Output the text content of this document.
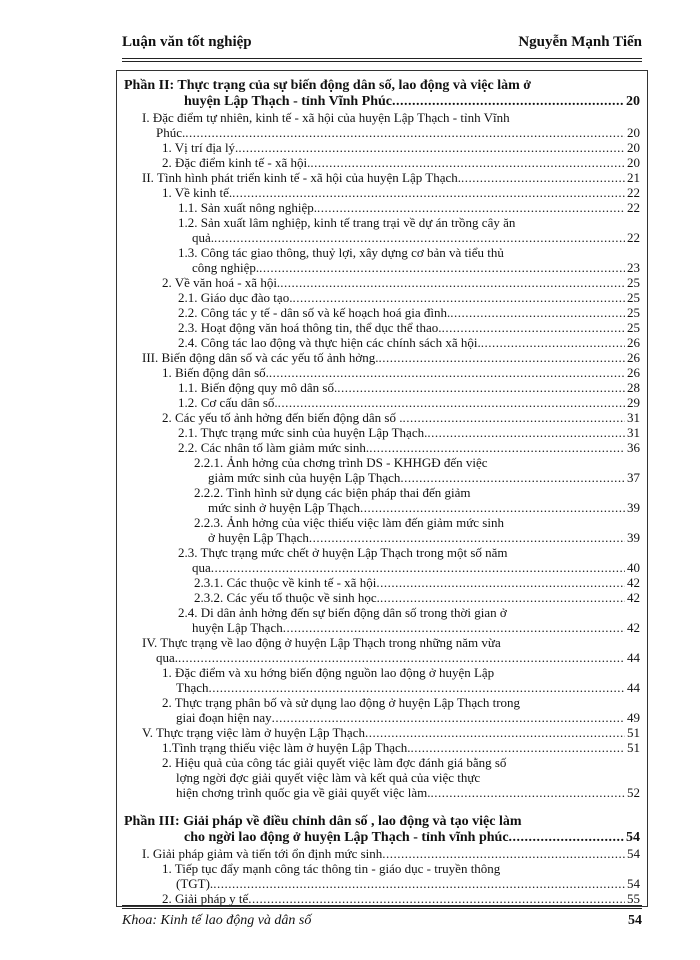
Luận văn tốt nghiệp	Nguyễn Mạnh Tiến
Phần II: Thực trạng của sự biến động dân số, lao động và việc làm ở
huyện Lập Thạch - tỉnh Vĩnh Phúc .....	20
I. Đặc điểm tự nhiên, kinh tế - xã hội của huyện Lập Thạch - tỉnh Vĩnh
Phúc. .....	20
1. Vị trí địa lý. .....	20
2. Đặc điểm kinh tế - xã hội. .....	20
II. Tình hình phát triển kinh tế - xã hội của huyện Lập Thạch. .....	21
1. Về kinh tế. .....	22
1.1. Sản xuất nông nghiệp. .....	22
1.2. Sản xuất lâm nghiệp, kinh tế trang trại về dự án trồng cây ăn
quả. .....	22
1.3. Công tác giao thông, thuỷ lợi, xây dựng cơ bản và tiểu thủ
công nghiệp. .....	23
2. Về văn hoá - xã hội. .....	25
2.1. Giáo dục đào tạo. .....	25
2.2. Công tác y tế - dân số và kế hoạch hoá gia đình. .....	25
2.3. Hoạt động văn hoá thông tin, thể dục thể thao. .....	25
2.4. Công tác lao động và thực hiện các chính sách xã hội. .....	26
III. Biến động dân số và các yếu tố ảnh hởng. .....	26
1. Biến động dân số. .....	26
1.1. Biến động quy mô dân số. .....	28
1.2. Cơ cấu dân số. .....	29
2. Các yếu tố ảnh hởng đến biến động dân số . .....	31
2.1. Thực trạng mức sinh của huyện Lập Thạch. .....	31
2.2. Các nhân tố làm giảm mức sinh. .....	36
2.2.1. Ảnh hởng của chơng trình DS - KHHGĐ đến việc
giảm mức sinh của huyện Lập Thạch .....	37
2.2.2. Tình hình sử dụng các biện pháp thai đến giảm
mức sinh ở huyện Lập Thạch .....	39
2.2.3. Ảnh hởng của việc thiếu việc làm đến giảm mức sinh
ở huyện Lập Thạch .....	39
2.3. Thực trạng mức chết ở huyện Lập Thạch trong một số năm
qua .....	40
2.3.1. Các thuộc về kinh tế - xã hội .....	42
2.3.2. Các yếu tố thuộc về sinh học. .....	42
2.4. Di dân ảnh hởng đến sự biến động dân số trong thời gian ở
huyện Lập Thạch .....	42
IV. Thực trạng về lao động ở huyện Lập Thạch trong những năm vừa
qua. .....	44
1. Đặc điểm và xu hớng biến động nguồn lao động ở huyện Lập
Thạch .....	44
2. Thực trạng phân bố và sử dụng lao động ở huyện Lập Thạch trong
giai đoạn hiện nay .....	49
V. Thực trạng việc làm ở huyện Lập Thạch .....	51
1.Tình trạng thiếu việc làm ở huyện Lập Thạch. .....	51
2. Hiệu quả của công tác giải quyết việc làm đợc đánh giá bằng số
lợng ngời đợc giải quyết việc làm và kết quả của việc thực
hiện chơng trình quốc gia về giải quyết việc làm. .....	52
Phần III: Giải pháp về điều chỉnh dân số , lao động và tạo việc làm
cho ngời lao động ở huyện Lập Thạch - tỉnh vĩnh phúc .....	54
I. Giải pháp giảm và tiến tới ổn định mức sinh .....	54
1. Tiếp tục đẩy mạnh công tác thông tin - giáo dục - truyền thông
(TGT). .....	54
2. Giải pháp y tế .....	55
Khoa: Kinh tế lao động và dân số	54
